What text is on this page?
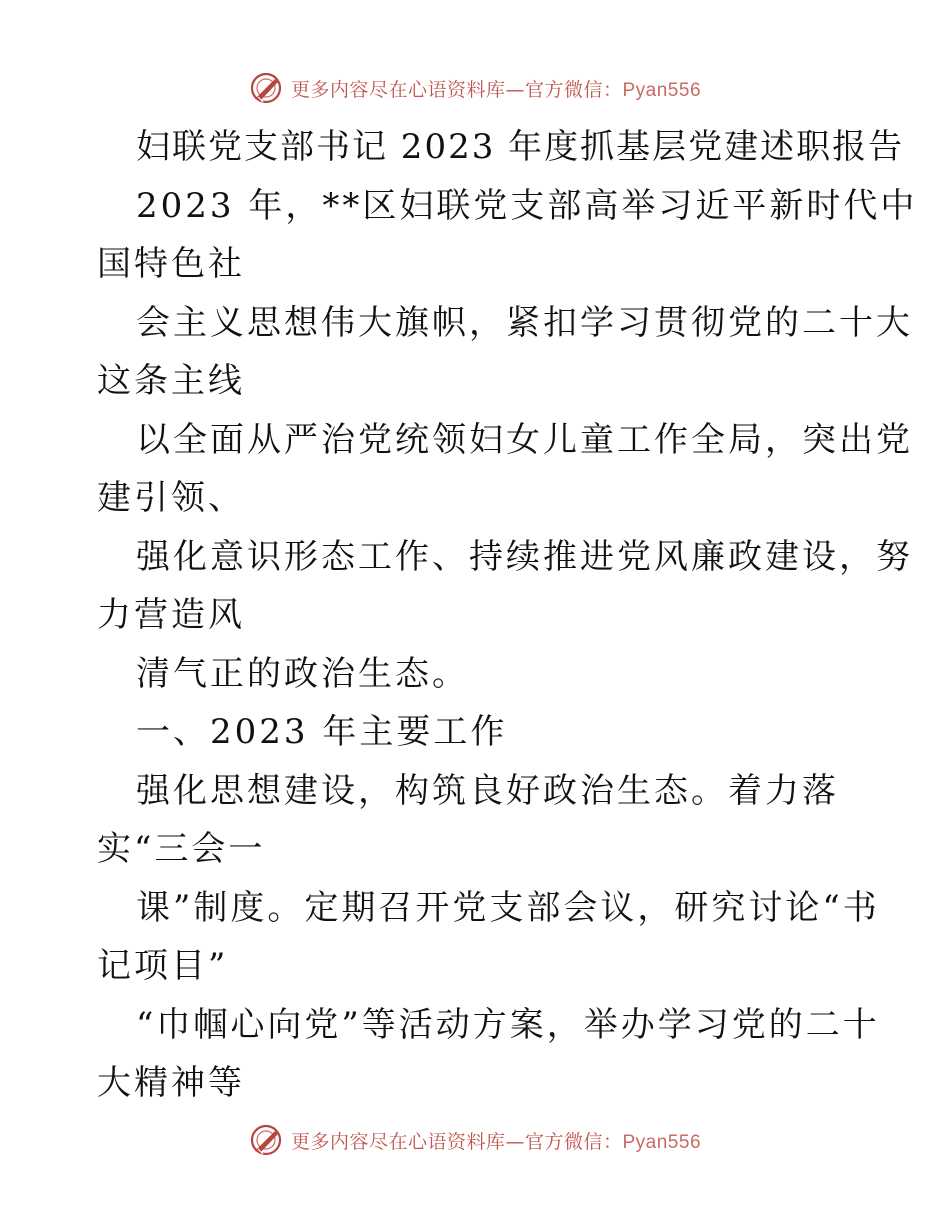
更多内容尽在心语资料库—官方微信：Pyan556
妇联党支部书记 2023 年度抓基层党建述职报告
2023 年，**区妇联党支部高举习近平新时代中
国特色社
会主义思想伟大旗帜，紧扣学习贯彻党的二十大
这条主线
以全面从严治党统领妇女儿童工作全局，突出党
建引领、
强化意识形态工作、持续推进党风廉政建设，努
力营造风
清气正的政治生态。
一、2023 年主要工作
强化思想建设，构筑良好政治生态。着力落
实“三会一
课”制度。定期召开党支部会议，研究讨论“书
记项目”
“巾帼心向党”等活动方案，举办学习党的二十
大精神等
更多内容尽在心语资料库—官方微信：Pyan556
